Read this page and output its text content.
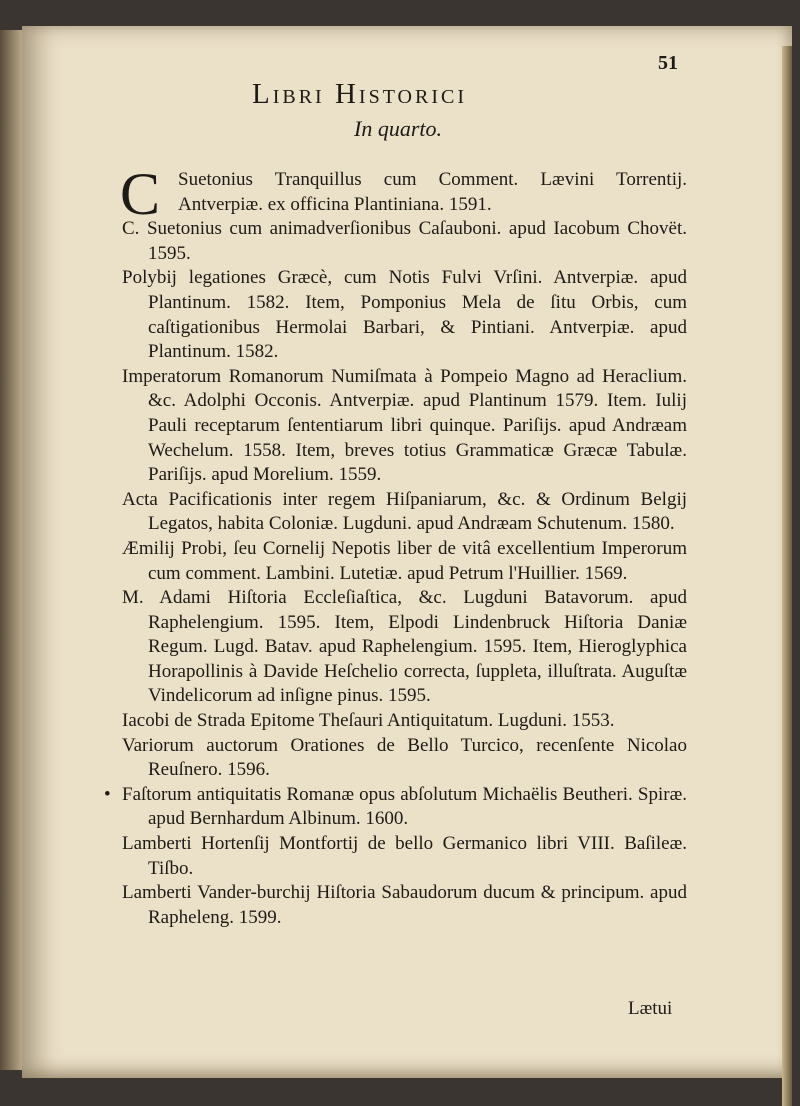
51
Libri Historici
In quarto.

C Suetonius Tranquillus cum Comment. Lævini Torrentij. Antverpiæ. ex officina Plantiniana. 1591.

C. Suetonius cum animadverſionibus Caſauboni. apud Iacobum Chovët. 1595.

Polybij legationes Græcè, cum Notis Fulvi Vrſini. Antverpiæ. apud Plantinum. 1582. Item, Pomponius Mela de ſitu Orbis, cum caſtigationibus Hermolai Barbari, & Pintiani. Antverpiæ. apud Plantinum. 1582.

Imperatorum Romanorum Numiſmata à Pompeio Magno ad Heraclium. &c. Adolphi Occonis. Antverpiæ. apud Plantinum 1579. Item. Iulij Pauli receptarum ſententiarum libri quinque. Pariſijs. apud Andræam Wechelum. 1558. Item, breves totius Grammaticæ Græcæ Tabulæ. Pariſijs. apud Morelium. 1559.

Acta Pacificationis inter regem Hiſpaniarum, &c. & Ordinum Belgij Legatos, habita Coloniæ. Lugduni. apud Andræam Schutenum. 1580.

Æmilij Probi, ſeu Cornelij Nepotis liber de vitâ excellentium Imperorum cum comment. Lambini. Lutetiæ. apud Petrum l'Huillier. 1569.

M. Adami Hiſtoria Eccleſiaſtica, &c. Lugduni Batavorum. apud Raphelengium. 1595. Item, Elpodi Lindenbruck Hiſtoria Daniæ Regum. Lugd. Batav. apud Raphelengium. 1595. Item, Hieroglyphica Horapollinis à Davide Heſchelio correcta, ſuppleta, illuſtrata. Auguſtæ Vindelicorum ad inſigne pinus. 1595.

Iacobi de Strada Epitome Theſauri Antiquitatum. Lugduni. 1553.

Variorum auctorum Orationes de Bello Turcico, recenſente Nicolao Reuſnero. 1596.

• Faſtorum antiquitatis Romanæ opus abſolutum Michaëlis Beutheri. Spiræ. apud Bernhardum Albinum. 1600.

Lamberti Hortenſij Montfortij de bello Germanico libri VIII. Baſileæ. Tiſbo.

Lamberti Vander-burchij Hiſtoria Sabaudorum ducum & principum. apud Rapheleng. 1599.

Lætui
